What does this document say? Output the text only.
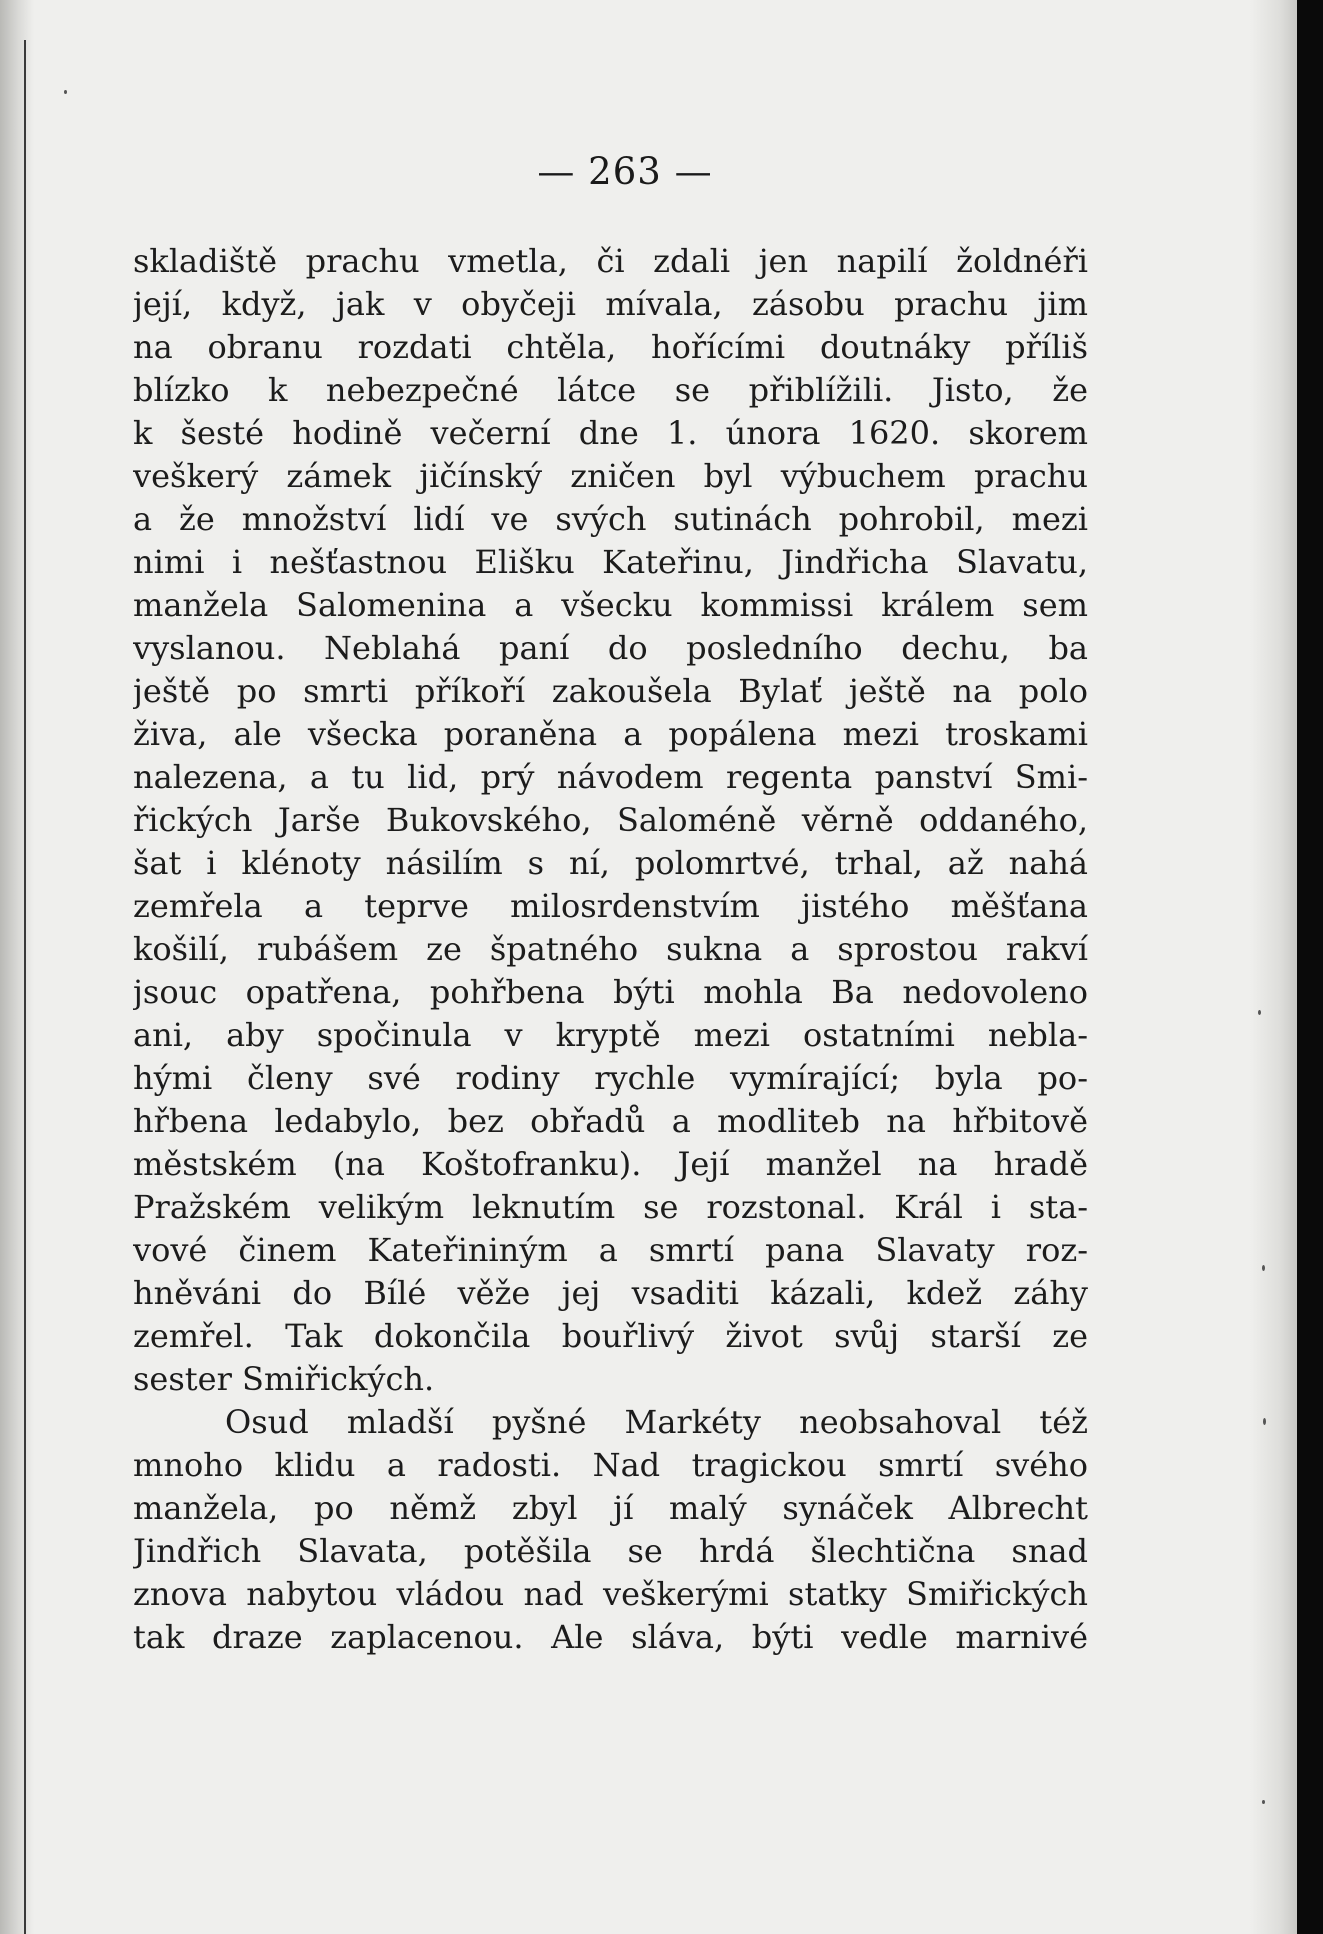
— 263 —
skladiště prachu vmetla, či zdali jen napilí žoldnéři
její, když, jak v obyčeji mívala, zásobu prachu jim
na obranu rozdati chtěla, hořícími doutnáky příliš
blízko k nebezpečné látce se přiblížili. Jisto, že
k šesté hodině večerní dne 1. února 1620. skorem
veškerý zámek jičínský zničen byl výbuchem prachu
a že množství lidí ve svých sutinách pohrobil, mezi
nimi i nešťastnou Elišku Kateřinu, Jindřicha Slavatu,
manžela Salomenina a všecku kommissi králem sem
vyslanou. Neblahá paní do posledního dechu, ba
ještě po smrti příkoří zakoušela Bylať ještě na polo
živa, ale všecka poraněna a popálena mezi troskami
nalezena, a tu lid, prý návodem regenta panství Smi-
řických Jarše Bukovského, Saloméně věrně oddaného,
šat i klénoty násilím s ní, polomrtvé, trhal, až nahá
zemřela a teprve milosrdenstvím jistého měšťana
košilí, rubášem ze špatného sukna a sprostou rakví
jsouc opatřena, pohřbena býti mohla Ba nedovoleno
ani, aby spočinula v kryptě mezi ostatními nebla-
hými členy své rodiny rychle vymírající; byla po-
hřbena ledabylo, bez obřadů a modliteb na hřbitově
městském (na Koštofranku). Její manžel na hradě
Pražském velikým leknutím se rozstonal. Král i sta-
vové činem Kateřininým a smrtí pana Slavaty roz-
hněváni do Bílé věže jej vsaditi kázali, kdež záhy
zemřel. Tak dokončila bouřlivý život svůj starší ze
sester Smiřických.
Osud mladší pyšné Markéty neobsahoval též
mnoho klidu a radosti. Nad tragickou smrtí svého
manžela, po němž zbyl jí malý synáček Albrecht
Jindřich Slavata, potěšila se hrdá šlechtična snad
znova nabytou vládou nad veškerými statky Smiřických
tak draze zaplacenou. Ale sláva, býti vedle marnivé
